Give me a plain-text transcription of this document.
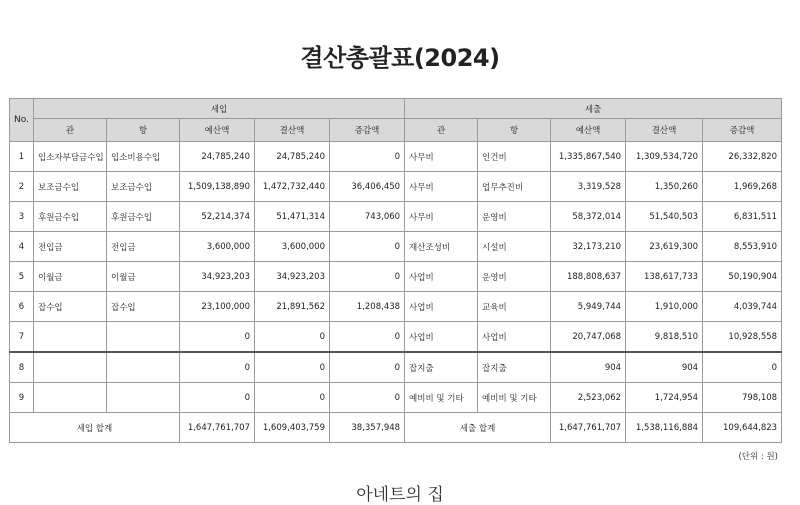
결산총괄표(2024)
No.	세입					세출				
	관	항	예산액	결산액	증감액	관	항	예산액	결산액	증감액
1	입소자부담금수입	입소비용수입	24,785,240	24,785,240	0	사무비	인건비	1,335,867,540	1,309,534,720	26,332,820
2	보조금수입	보조금수입	1,509,138,890	1,472,732,440	36,406,450	사무비	업무추진비	3,319,528	1,350,260	1,969,268
3	후원금수입	후원금수입	52,214,374	51,471,314	743,060	사무비	운영비	58,372,014	51,540,503	6,831,511
4	전입금	전입금	3,600,000	3,600,000	0	재산조성비	시설비	32,173,210	23,619,300	8,553,910
5	이월금	이월금	34,923,203	34,923,203	0	사업비	운영비	188,808,637	138,617,733	50,190,904
6	잡수입	잡수입	23,100,000	21,891,562	1,208,438	사업비	교육비	5,949,744	1,910,000	4,039,744
7			0	0	0	사업비	사업비	20,747,068	9,818,510	10,928,558
8			0	0	0	잡지출	잡지출	904	904	0
9			0	0	0	예비비 및 기타	예비비 및 기타	2,523,062	1,724,954	798,108
세입 합계			1,647,761,707	1,609,403,759	38,357,948	세출 합계		1,647,761,707	1,538,116,884	109,644,823
(단위 : 원)
아네트의 집
